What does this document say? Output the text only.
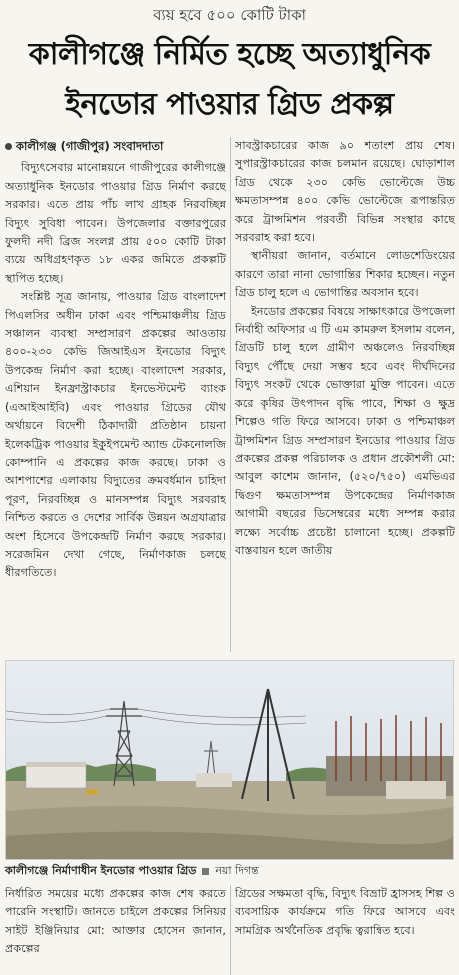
ব্যয় হবে ৫০০ কোটি টাকা
কালীগঞ্জে নির্মিত হচ্ছে অত্যাধুনিক
ইনডোর পাওয়ার গ্রিড প্রকল্প
কালীগঞ্জ (গাজীপুর) সংবাদদাতা

বিদ্যুৎসেবার মানোন্নয়নে গাজীপুরের কালীগঞ্জে অত্যাধুনিক ইনডোর পাওয়ার গ্রিড নির্মাণ করছে সরকার। এতে প্রায় পাঁচ লাখ গ্রাহক নিরবচ্ছিন্ন বিদ্যুৎ সুবিধা পাবেন। উপজেলার বক্তারপুরের ফুলদী নদী ব্রিজ সংলগ্ন প্রায় ৫০০ কোটি টাকা ব্যয়ে অধিগ্রহণকৃত ১৮ একর জমিতে প্রকল্পটি স্থাপিত হচ্ছে।

সংশ্লিষ্ট সূত্র জানায়, পাওয়ার গ্রিড বাংলাদেশ পিএলসির অধীন ঢাকা এবং পশ্চিমাঞ্চলীয় গ্রিড সঞ্চালন ব্যবস্থা সম্প্রসারণ প্রকল্পের আওতায় ৪০০-২৩০ কেভি জিআইএস ইনডোর বিদ্যুৎ উপকেন্দ্র নির্মাণ করা হচ্ছে। বাংলাদেশ সরকার, এশিয়ান ইনফ্রাস্ট্রাকচার ইনভেস্টমেন্ট ব্যাংক (এআইআইবি) এবং পাওয়ার গ্রিডের যৌথ অর্থায়নে বিদেশী ঠিকাদারী প্রতিষ্ঠান চায়না ইলেকট্রিক পাওয়ার ইকুইপমেন্ট অ্যান্ড টেকনোলজি কোম্পানি এ প্রকল্পের কাজ করছে। ঢাকা ও আশপাশের এলাকায় বিদ্যুতের ক্রমবর্ধমান চাহিদা পূরণ, নিরবচ্ছিন্ন ও মানসম্পন্ন বিদ্যুৎ সরবরাহ নিশ্চিত করতে ও দেশের সার্বিক উন্নয়ন অগ্রযাত্রার অংশ হিসেবে উপকেন্দ্রটি নির্মাণ করছে সরকার। সরেজমিন দেখা গেছে, নির্মাণকাজ চলছে ধীরগতিতে।

সাবস্ট্রাকচারের কাজ ৯০ শতাংশ প্রায় শেষ। সুপারস্ট্রাকচারের কাজ চলমান রয়েছে। ঘোড়াশাল গ্রিড থেকে ২৩০ কেভি ভোল্টেজে উচ্চ ক্ষমতাসম্পন্ন ৪০০ কেভি ভোল্টেজে রূপান্তরিত করে ট্রান্সমিশন পরবর্তী বিভিন্ন সংস্থার কাছে সরবরাহ করা হবে।

স্থানীয়রা জানান, বর্তমানে লোডশেডিংয়ের কারণে তারা নানা ভোগান্তির শিকার হচ্ছেন। নতুন গ্রিড চালু হলে এ ভোগান্তির অবসান হবে।

ইনডোর প্রকল্পের বিষয়ে সাক্ষাৎকারে উপজেলা নির্বাহী অফিসার এ টি এম কামরুল ইসলাম বলেন, গ্রিডটি চালু হলে গ্রামীণ অঞ্চলেও নিরবচ্ছিন্ন বিদ্যুৎ পৌঁছে দেয়া সম্ভব হবে এবং দীর্ঘদিনের বিদ্যুৎ সংকট থেকে ভোক্তারা মুক্তি পাবেন। এতে করে কৃষির উৎপাদন বৃদ্ধি পাবে, শিক্ষা ও ক্ষুদ্র শিল্পেও গতি ফিরে আসবে। ঢাকা ও পশ্চিমাঞ্চল ট্রান্সমিশন গ্রিড সম্প্রসারণ ইনডোর পাওয়ার গ্রিড প্রকল্পের প্রকল্প পরিচালক ও প্রধান প্রকৌশলী মো: আবুল কাশেম জানান, (৫২০/৭৫০) এমভিএর দ্বিগুণ ক্ষমতাসম্পন্ন উপকেন্দ্রের নির্মাণকাজ আগামী বছরের ডিসেম্বরের মধ্যে সম্পন্ন করার লক্ষ্যে সর্বোচ্চ প্রচেষ্টা চালানো হচ্ছে। প্রকল্পটি বাস্তবায়ন হলে জাতীয়

কালীগঞ্জে নির্মাণাধীন ইনডোর পাওয়ার গ্রিড নয়া দিগন্ত

নির্ধারিত সময়ের মধ্যে প্রকল্পের কাজ শেষ করতে পারেনি সংস্থাটি। জানতে চাইলে প্রকল্পের সিনিয়র সাইট ইঞ্জিনিয়ার মো: আক্তার হোসেন জানান, প্রকল্পের

গ্রিডের সক্ষমতা বৃদ্ধি, বিদ্যুৎ বিভ্রাট হ্রাসসহ শিল্প ও ব্যবসায়িক কার্যক্রমে গতি ফিরে আসবে এবং সামগ্রিক অর্থনৈতিক প্রবৃদ্ধি ত্বরান্বিত হবে।
